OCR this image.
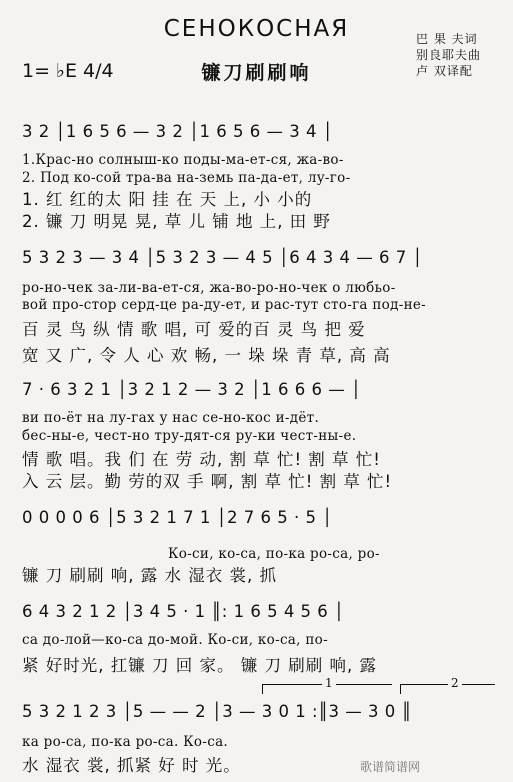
СЕНОКОСНАЯ
1= ♭E 4/4	镰刀刷刷响
巴 果 夫词
别良耶夫曲
卢 双译配
3 2 │1 6 5 6 — 3 2 │1 6 5 6 — 3 4 │
1.Крас-но солныш-ко поды-ма-ет-ся, жа-во-
2. Под ко-сой тра-ва на-земь па-да-ет, лу-го-
1. 红 红的太 阳 挂 在 天 上, 小 小的
2. 镰 刀 明晃 晃, 草 儿 铺 地 上, 田 野
5 3 2 3 — 3 4 │5 3 2 3 — 4 5 │6 4 3 4 — 6 7 │
ро-но-чек за-ли-ва-ет-ся, жа-во-ро-но-чек о любьо-
вой про-стор серд-це ра-ду-ет, и рас-тут сто-га под-не-
百 灵 鸟 纵 情 歌 唱, 可 爱的百 灵 鸟 把 爱
宽 又 广, 令 人 心 欢 畅, 一 垛 垛 青 草, 高 高
7 · 6 3 2 1 │3 2 1 2 — 3 2 │1 6 6 6 — │
ви по-ёт на лу-гах у нас се-но-кос и-дёт.
бес-ны-е, чест-но тру-дят-ся ру-ки чест-ны-е.
情 歌 唱。我 们 在 劳 动, 割 草 忙! 割 草 忙!
入 云 层。勤 劳的双 手 啊, 割 草 忙! 割 草 忙!
0 0 0 0 6 │5 3 2 1 7 1 │2 7 6 5 · 5 │
Ко-си, ко-са, по-ка ро-са, ро-
镰 刀 刷刷 响, 露 水 湿衣 裳, 抓
6 4 3 2 1 2 │3 4 5 · 1 ║: 1 6 5 4 5 6 │
са до-лой—ко-са до-мой. Ко-си, ко-са, по-
紧 好时光, 扛镰 刀 回 家。 镰 刀 刷刷 响, 露
1	2
5 3 2 1 2 3 │5 — — 2 │3 — 3 0 1 :║3 — 3 0 ║
ка ро-са, по-ка ро-са. Ко-са.
水 湿衣 裳, 抓紧 好 时 光。	歌谱简谱网
